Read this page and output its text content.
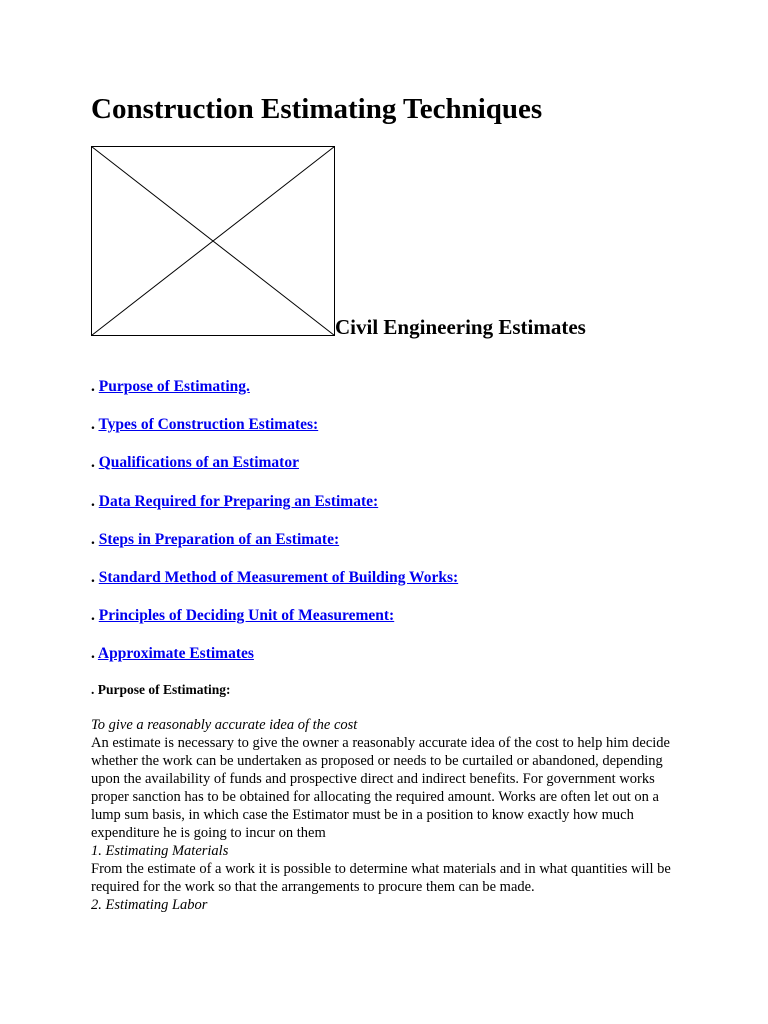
Construction Estimating Techniques
Civil Engineering Estimates
. Purpose of Estimating.
. Types of Construction Estimates:
. Qualifications of an Estimator
. Data Required for Preparing an Estimate:
. Steps in Preparation of an Estimate:
. Standard Method of Measurement of Building Works:
. Principles of Deciding Unit of Measurement:
. Approximate Estimates
. Purpose of Estimating:

To give a reasonably accurate idea of the cost

An estimate is necessary to give the owner a reasonably accurate idea of the cost to help him decide whether the work can be undertaken as proposed or needs to be curtailed or abandoned, depending upon the availability of funds and prospective direct and indirect benefits. For government works proper sanction has to be obtained for allocating the required amount. Works are often let out on a lump sum basis, in which case the Estimator must be in a position to know exactly how much expenditure he is going to incur on them

1. Estimating Materials

From the estimate of a work it is possible to determine what materials and in what quantities will be required for the work so that the arrangements to procure them can be made.

2. Estimating Labor
